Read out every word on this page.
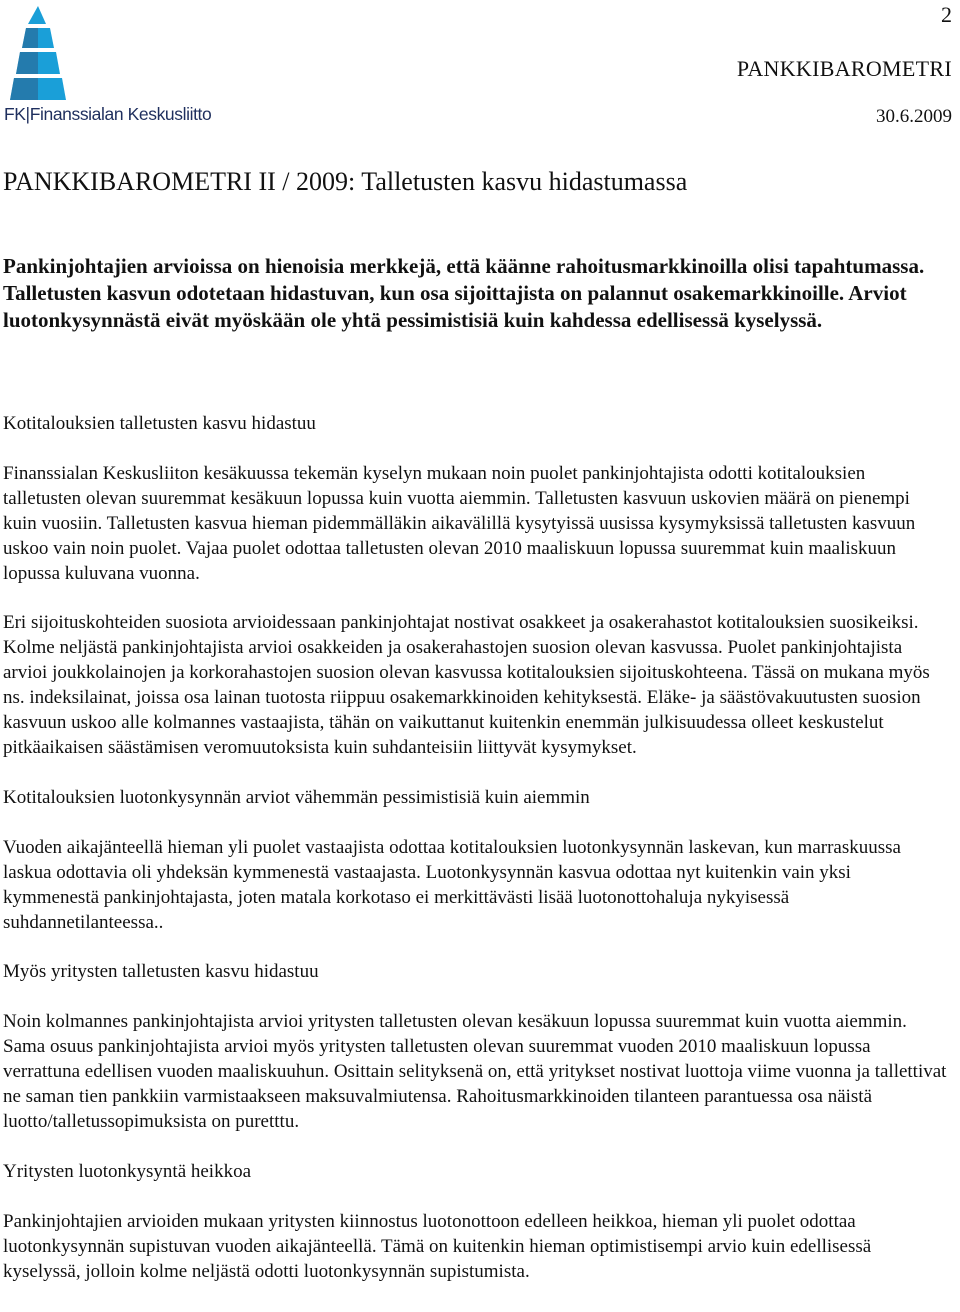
FK|Finanssialan Keskusliitto
2
PANKKIBAROMETRI
30.6.2009
PANKKIBAROMETRI II / 2009: Talletusten kasvu hidastumassa

Pankinjohtajien arvioissa on hienoisia merkkejä, että käänne rahoitusmarkkinoilla olisi tapahtumassa. Talletusten kasvun odotetaan hidastuvan, kun osa sijoittajista on palannut osakemarkkinoille. Arviot luotonkysynnästä eivät myöskään ole yhtä pessimistisiä kuin kahdessa edellisessä kyselyssä.

Kotitalouksien talletusten kasvu hidastuu

Finanssialan Keskusliiton kesäkuussa tekemän kyselyn mukaan noin puolet pankinjohtajista odotti kotitalouksien talletusten olevan suuremmat kesäkuun lopussa kuin vuotta aiemmin. Talletusten kasvuun uskovien määrä on pienempi kuin vuosiin. Talletusten kasvua hieman pidemmälläkin aikavälillä kysytyissä uusissa kysymyksissä talletusten kasvuun uskoo vain noin puolet. Vajaa puolet odottaa talletusten olevan 2010 maaliskuun lopussa suuremmat kuin maaliskuun lopussa kuluvana vuonna.

Eri sijoituskohteiden suosiota arvioidessaan pankinjohtajat nostivat osakkeet ja osakerahastot kotitalouksien suosikeiksi. Kolme neljästä pankinjohtajista arvioi osakkeiden ja osakerahastojen suosion olevan kasvussa. Puolet pankinjohtajista arvioi joukkolainojen ja korkorahastojen suosion olevan kasvussa kotitalouksien sijoituskohteena. Tässä on mukana myös ns. indeksilainat, joissa osa lainan tuotosta riippuu osakemarkkinoiden kehityksestä. Eläke- ja säästövakuutusten suosion kasvuun uskoo alle kolmannes vastaajista, tähän on vaikuttanut kuitenkin enemmän julkisuudessa olleet keskustelut pitkäaikaisen säästämisen veromuutoksista kuin suhdanteisiin liittyvät kysymykset.

Kotitalouksien luotonkysynnän arviot vähemmän pessimistisiä kuin aiemmin

Vuoden aikajänteellä hieman yli puolet vastaajista odottaa kotitalouksien luotonkysynnän laskevan, kun marraskuussa laskua odottavia oli yhdeksän kymmenestä vastaajasta. Luotonkysynnän kasvua odottaa nyt kuitenkin vain yksi kymmenestä pankinjohtajasta, joten matala korkotaso ei merkittävästi lisää luotonottohaluja nykyisessä suhdannetilanteessa..

Myös yritysten talletusten kasvu hidastuu

Noin kolmannes pankinjohtajista arvioi yritysten talletusten olevan kesäkuun lopussa suuremmat kuin vuotta aiemmin. Sama osuus pankinjohtajista arvioi myös yritysten talletusten olevan suuremmat vuoden 2010 maaliskuun lopussa verrattuna edellisen vuoden maaliskuuhun. Osittain selityksenä on, että yritykset nostivat luottoja viime vuonna ja tallettivat ne saman tien pankkiin varmistaakseen maksuvalmiutensa. Rahoitusmarkkinoiden tilanteen parantuessa osa näistä luotto/talletussopimuksista on puretttu.

Yritysten luotonkysyntä heikkoa

Pankinjohtajien arvioiden mukaan yritysten kiinnostus luotonottoon edelleen heikkoa, hieman yli puolet odottaa luotonkysynnän supistuvan vuoden aikajänteellä. Tämä on kuitenkin hieman optimistisempi arvio kuin edellisessä kyselyssä, jolloin kolme neljästä odotti luotonkysynnän supistumista.
